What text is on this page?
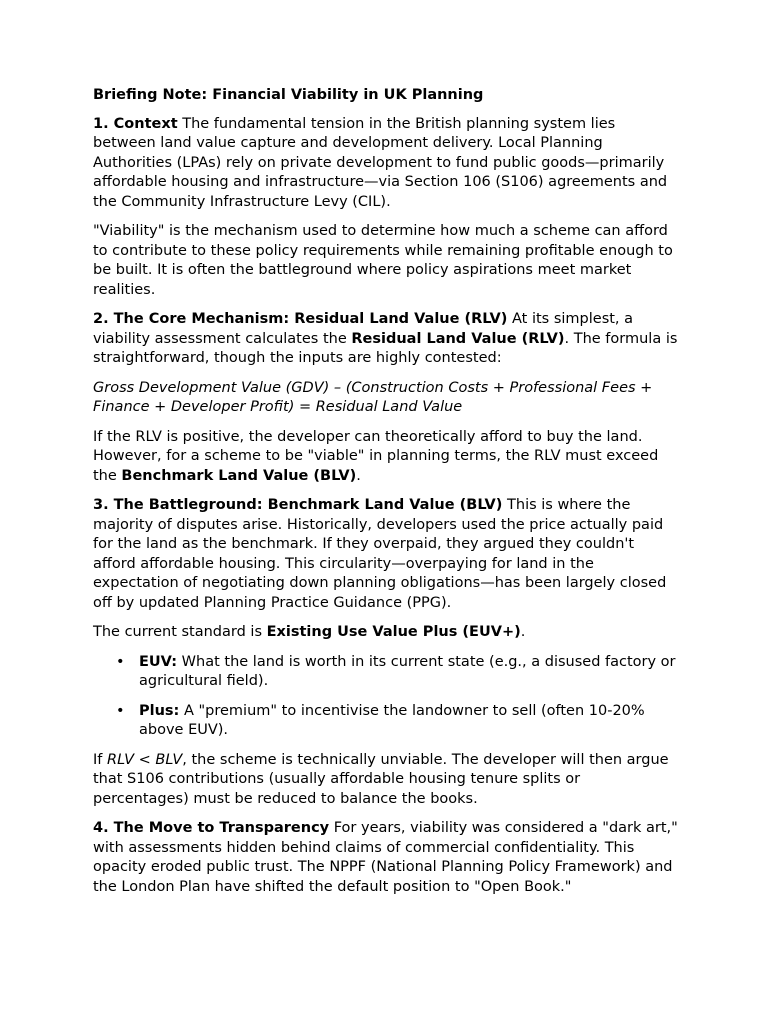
Briefing Note: Financial Viability in UK Planning

1. Context The fundamental tension in the British planning system lies between land value capture and development delivery. Local Planning Authorities (LPAs) rely on private development to fund public goods—primarily affordable housing and infrastructure—via Section 106 (S106) agreements and the Community Infrastructure Levy (CIL).

"Viability" is the mechanism used to determine how much a scheme can afford to contribute to these policy requirements while remaining profitable enough to be built. It is often the battleground where policy aspirations meet market realities.

2. The Core Mechanism: Residual Land Value (RLV) At its simplest, a viability assessment calculates the Residual Land Value (RLV). The formula is straightforward, though the inputs are highly contested:

Gross Development Value (GDV) – (Construction Costs + Professional Fees + Finance + Developer Profit) = Residual Land Value

If the RLV is positive, the developer can theoretically afford to buy the land. However, for a scheme to be "viable" in planning terms, the RLV must exceed the Benchmark Land Value (BLV).

3. The Battleground: Benchmark Land Value (BLV) This is where the majority of disputes arise. Historically, developers used the price actually paid for the land as the benchmark. If they overpaid, they argued they couldn't afford affordable housing. This circularity—overpaying for land in the expectation of negotiating down planning obligations—has been largely closed off by updated Planning Practice Guidance (PPG).

The current standard is Existing Use Value Plus (EUV+).

• EUV: What the land is worth in its current state (e.g., a disused factory or agricultural field).
• Plus: A "premium" to incentivise the landowner to sell (often 10-20% above EUV).

If RLV < BLV, the scheme is technically unviable. The developer will then argue that S106 contributions (usually affordable housing tenure splits or percentages) must be reduced to balance the books.

4. The Move to Transparency For years, viability was considered a "dark art," with assessments hidden behind claims of commercial confidentiality. This opacity eroded public trust. The NPPF (National Planning Policy Framework) and the London Plan have shifted the default position to "Open Book."
